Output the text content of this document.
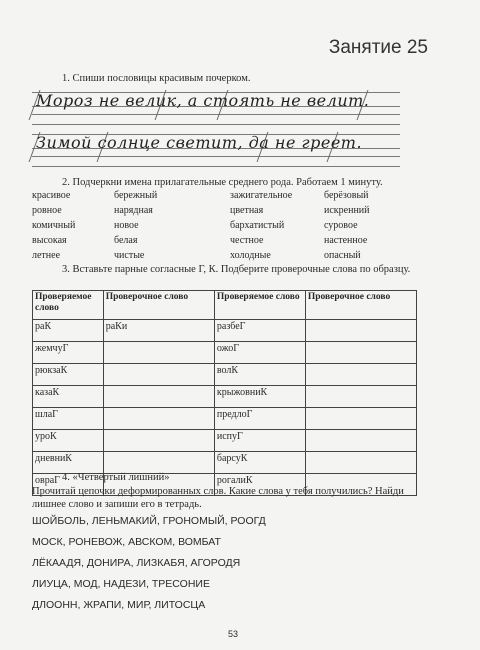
Занятие 25
1. Спиши пословицы красивым почерком.
Мороз не велик, а стоять не велит.
Зимой солнце светит, да не греет.
2. Подчеркни имена прилагательные среднего рода. Работаем 1 минуту.
красивое	бережный	зажигательное	берёзовый
ровное	нарядная	цветная	искренний
комичный	новое	бархатистый	суровое
высокая	белая	честное	настенное
летнее	чистые	холодные	опасный
3. Вставьте парные согласные Г, К. Подберите проверочные слова по образцу.
Проверяемое слово	Проверочное слово	Проверяемое слово	Проверочное слово
раК	раКи	разбеГ	
жемчуГ		ожоГ	
рюкзаК		волК	
казаК		крыжовниК	
шлаГ		предлоГ	
уроК		испуГ	
дневниК		барсуК	
овраГ		рогалиК	
4. «Четвёртый лишний»
Прочитай цепочки деформированных слов. Какие слова у тебя получились? Найди лишнее слово и запиши его в тетрадь.
ШОЙБОЛЬ, ЛЕНЬМАКИЙ, ГРОНОМЫЙ, РООГД
МОСК, РОНЕВОЖ, АВСКОМ, ВОМБАТ
ЛЁКААДЯ, ДОНИРА, ЛИЗКАБЯ, АГОРОДЯ
ЛИУЦА, МОД, НАДЕЗИ, ТРЕСОНИЕ
ДЛООНН, ЖРАПИ, МИР, ЛИТОСЦА
53
